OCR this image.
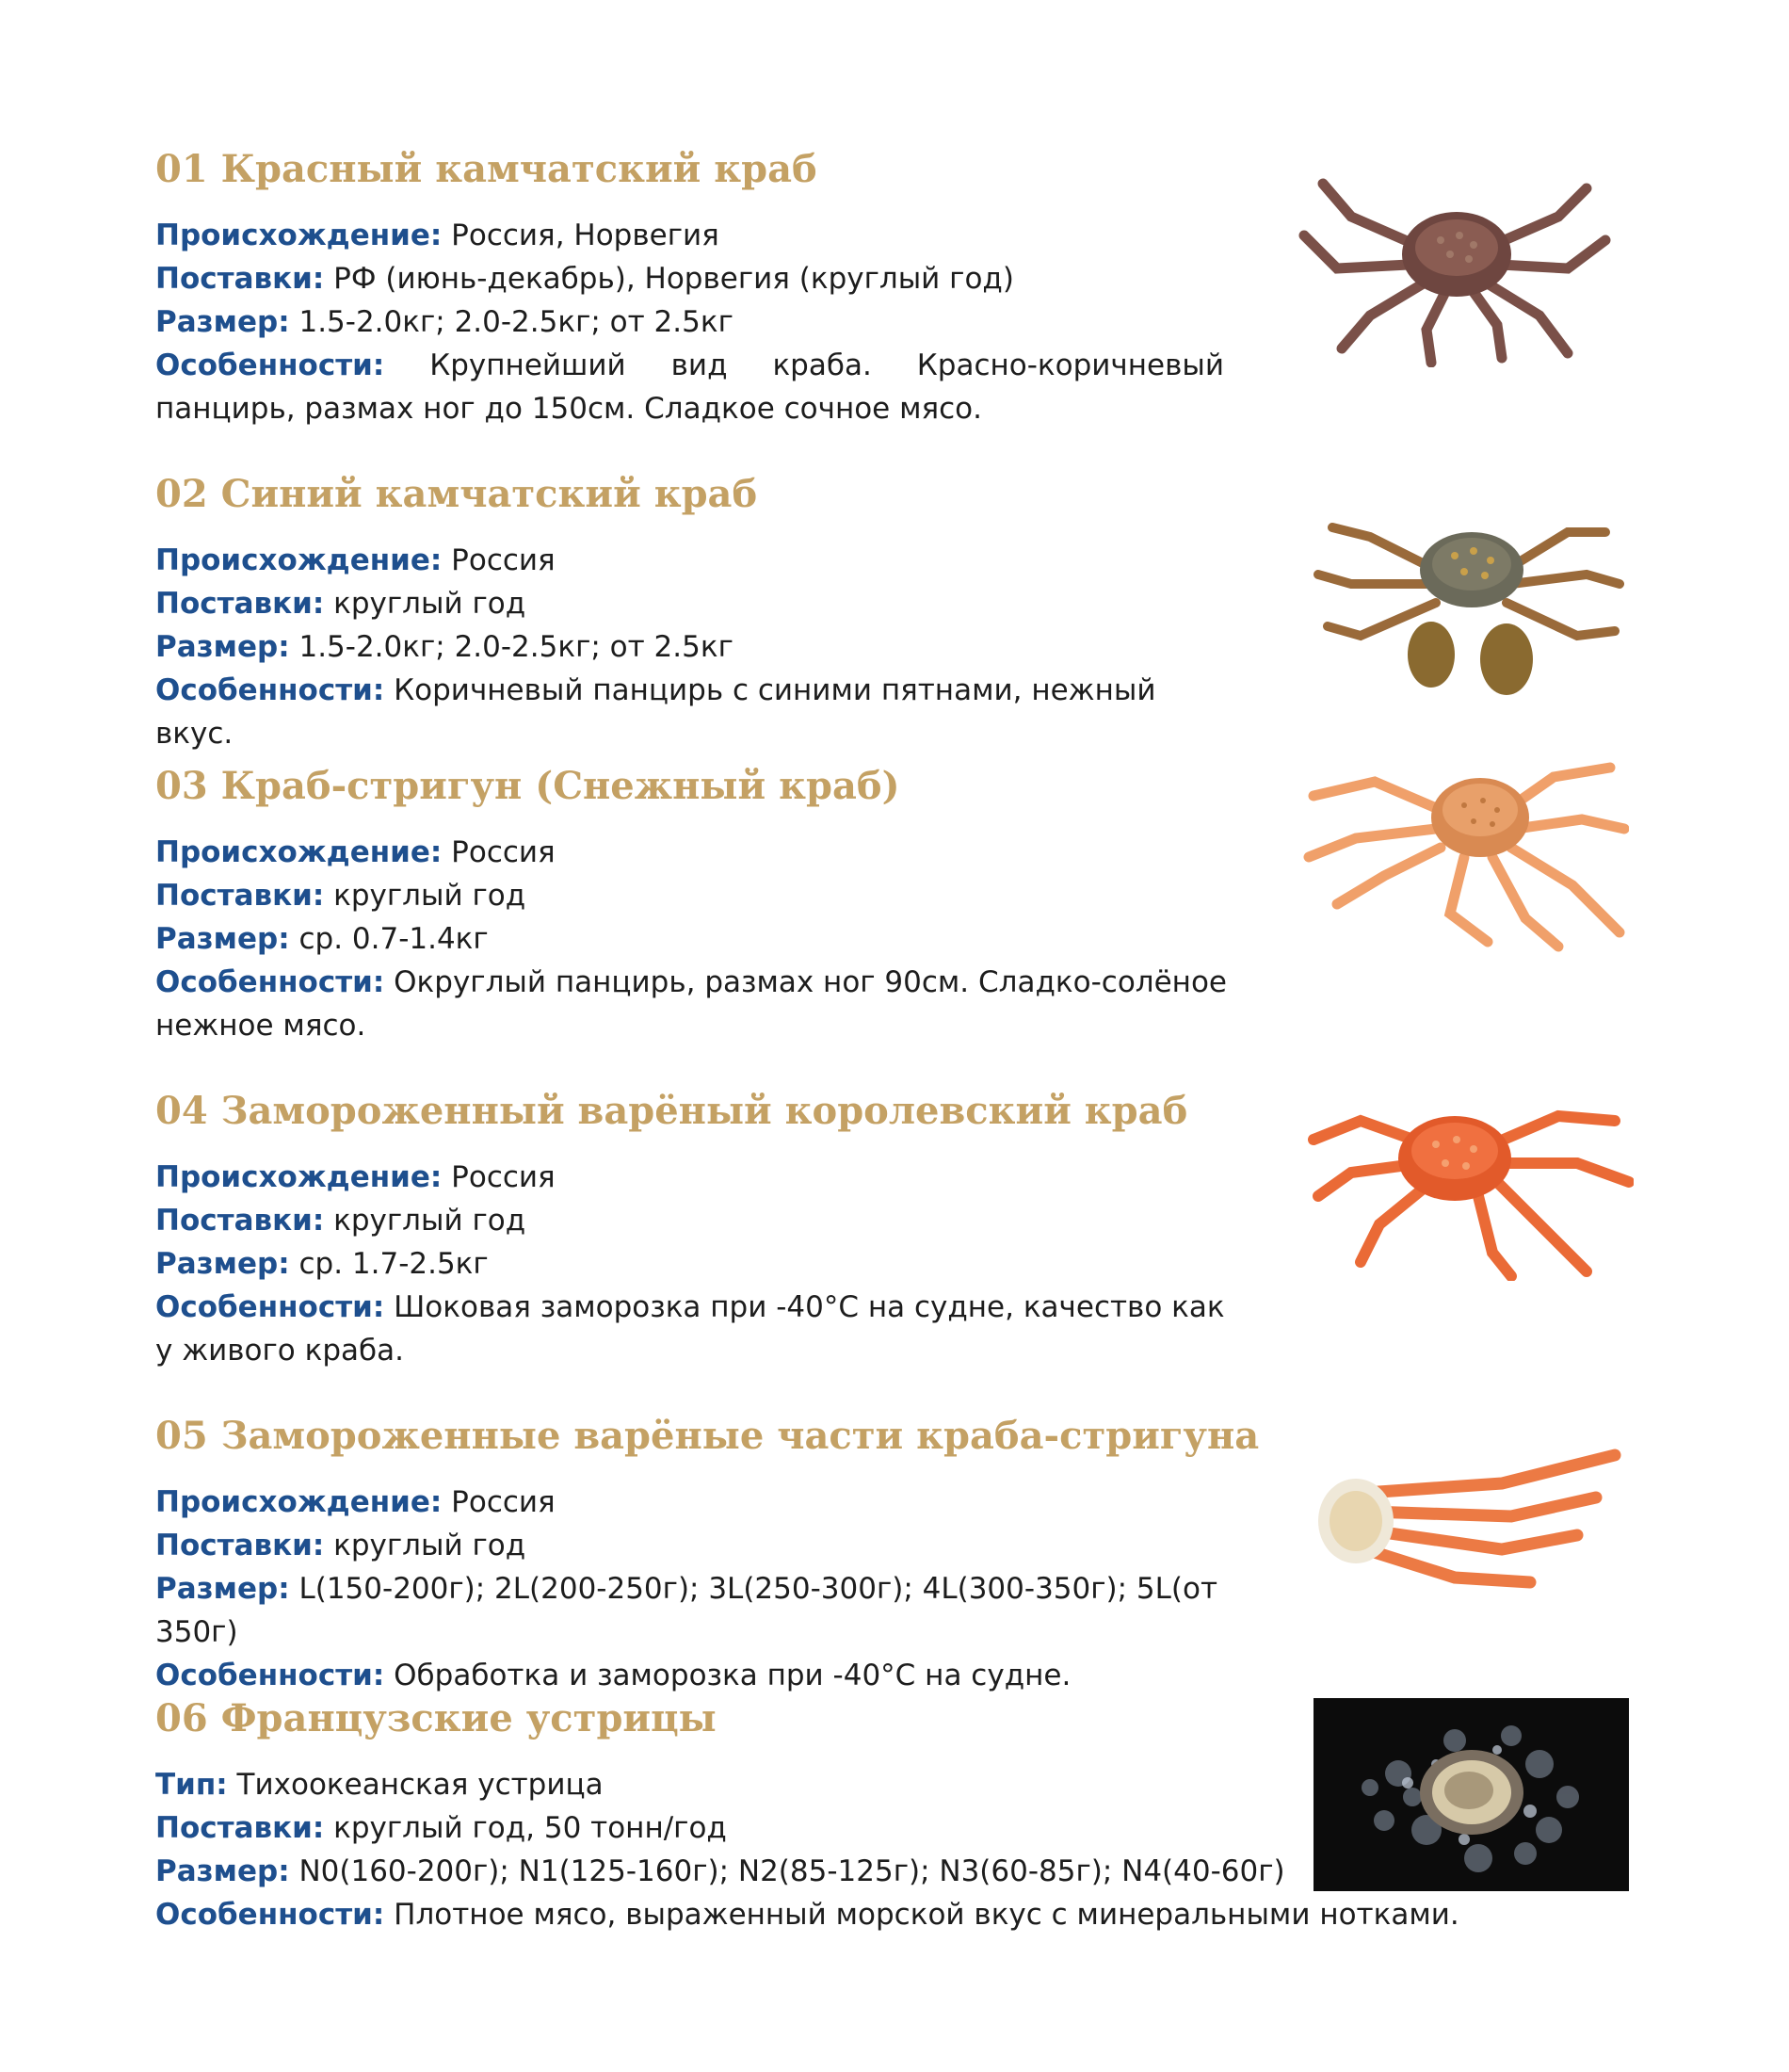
01 Красный камчатский краб

Происхождение: Россия, Норвегия

Поставки: РФ (июнь-декабрь), Норвегия (круглый год)

Размер: 1.5-2.0кг; 2.0-2.5кг; от 2.5кг

Особенности: Крупнейший вид краба. Красно-коричневый панцирь, размах ног до 150см. Сладкое сочное мясо.

02 Синий камчатский краб

Происхождение: Россия

Поставки: круглый год

Размер: 1.5-2.0кг; 2.0-2.5кг; от 2.5кг

Особенности: Коричневый панцирь с синими пятнами, нежный вкус.

03 Краб-стригун (Снежный краб)

Происхождение: Россия

Поставки: круглый год

Размер: ср. 0.7-1.4кг

Особенности: Округлый панцирь, размах ног 90см. Сладко-солёное нежное мясо.

04 Замороженный варёный королевский краб

Происхождение: Россия

Поставки: круглый год

Размер: ср. 1.7-2.5кг

Особенности: Шоковая заморозка при -40°С на судне, качество как у живого краба.

05 Замороженные варёные части краба-стригуна

Происхождение: Россия

Поставки: круглый год

Размер: L(150-200г); 2L(200-250г); 3L(250-300г); 4L(300-350г); 5L(от 350г)

Особенности: Обработка и заморозка при -40°С на судне.

06 Французские устрицы

Тип: Тихоокеанская устрица

Поставки: круглый год, 50 тонн/год

Размер: N0(160-200г); N1(125-160г); N2(85-125г); N3(60-85г); N4(40-60г)

Особенности: Плотное мясо, выраженный морской вкус с минеральными нотками.
